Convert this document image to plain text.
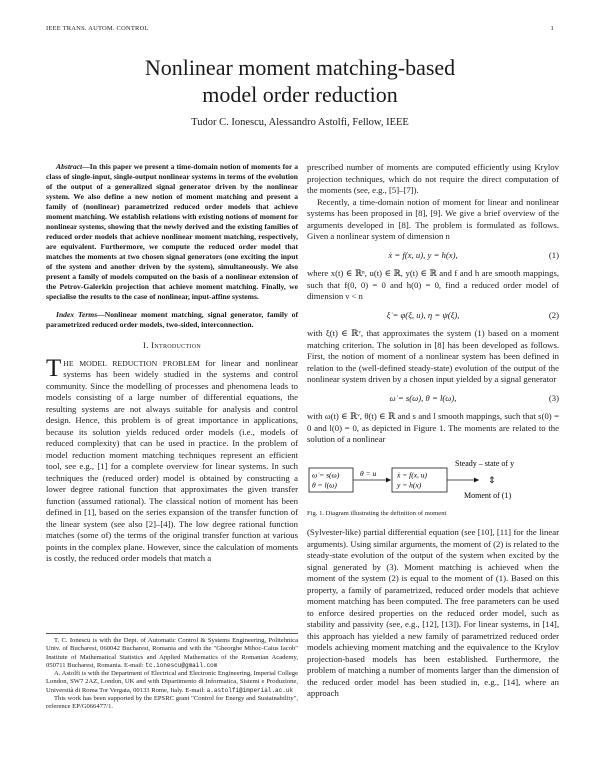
IEEE TRANS. AUTOM. CONTROL	1
Nonlinear moment matching-based
model order reduction
Tudor C. Ionescu, Alessandro Astolfi, Fellow, IEEE

Abstract—In this paper we present a time-domain notion of moments for a class of single-input, single-output nonlinear systems in terms of the evolution of the output of a generalized signal generator driven by the nonlinear system. We also define a new notion of moment matching and present a family of (nonlinear) parametrized reduced order models that achieve moment matching. We establish relations with existing notions of moment for nonlinear systems, showing that the newly derived and the existing families of reduced order models that achieve nonlinear moment matching, respectively, are equivalent. Furthermore, we compute the reduced order model that matches the moments at two chosen signal generators (one exciting the input of the system and another driven by the system), simultaneously. We also present a family of models computed on the basis of a nonlinear extension of the Petrov-Galerkin projection that achieve moment matching. Finally, we specialise the results to the case of nonlinear, input-affine systems.

Index Terms—Nonlinear moment matching, signal generator, family of parametrized reduced order models, two-sided, interconnection.

I. Introduction

THE MODEL REDUCTION PROBLEM for linear and nonlinear systems has been widely studied in the systems and control community. Since the modelling of processes and phenomena leads to models consisting of a large number of differential equations, the resulting systems are not always suitable for analysis and control design. Hence, this problem is of great importance in applications, because its solution yields reduced order models (i.e., models of reduced complexity) that can be used in practice. In the problem of model reduction moment matching techniques represent an efficient tool, see e.g., [1] for a complete overview for linear systems. In such techniques the (reduced order) model is obtained by constructing a lower degree rational function that approximates the given transfer function (assumed rational). The classical notion of moment has been defined in [1], based on the series expansion of the transfer function of the linear system (see also [2]–[4]). The low degree rational function matches (some of) the terms of the original transfer function at various points in the complex plane. However, since the calculation of moments is costly, the reduced order models that match a

T. C. Ionescu is with the Dept. of Automatic Control & Systems Engineering, Politehnica Univ. of Bucharest, 060042 Bucharest, Romania and with the "Gheorghe Mihoc-Caius Iacob" Institute of Mathematical Statistics and Applied Mathematics of the Romanian Academy, 050711 Bucharest, Romania. E-mail: tc.ionescu@gmail.com

A. Astolfi is with the Department of Electrical and Electronic Engineering, Imperial College London, SW7 2AZ, London, UK and with Dipartimento di Informatica, Sistemi e Produzione, Università di Roma Tor Vergata, 00133 Rome, Italy. E-mail: a.astolfi@imperial.ac.uk

This work has been supported by the EPSRC grant "Control for Energy and Sustainability", reference EP/G066477/1.

prescribed number of moments are computed efficiently using Krylov projection techniques, which do not require the direct computation of the moments (see, e.g., [5]–[7]).

Recently, a time-domain notion of moment for linear and nonlinear systems has been proposed in [8], [9]. We give a brief overview of the arguments developed in [8]. The problem is formulated as follows. Given a nonlinear system of dimension n

ẋ = f(x, u), y = h(x),	(1)

where x(t) ∈ ℝⁿ, u(t) ∈ ℝ, y(t) ∈ ℝ and f and h are smooth mappings, such that f(0, 0) = 0 and h(0) = 0, find a reduced order model of dimension ν < n

ξ̇ = φ(ξ, u), η = ψ(ξ),	(2)

with ξ(t) ∈ ℝᵛ, that approximates the system (1) based on a moment matching criterion. The solution in [8] has been developed as follows. First, the notion of moment of a nonlinear system has been defined in relation to the (well-defined steady-state) evolution of the output of the nonlinear system driven by a chosen input yielded by a signal generator

ω̇ = s(ω), θ = l(ω),	(3)

with ω(t) ∈ ℝᵛ, θ(t) ∈ ℝ and s and l smooth mappings, such that s(0) = 0 and l(0) = 0, as depicted in Figure 1. The moments are related to the solution of a nonlinear

ω̇ = s(ω)
θ = l(ω)
θ = u	ẋ = f(x, u)
y = h(x)
Steady – state of y
⇕
Moment of (1)

Fig. 1. Diagram illustrating the definition of moment

(Sylvester-like) partial differential equation (see [10], [11] for the linear arguments). Using similar arguments, the moment of (2) is related to the steady-state evolution of the output of the system when excited by the signal generated by (3). Moment matching is achieved when the moment of the system (2) is equal to the moment of (1). Based on this property, a family of parametrized, reduced order models that achieve moment matching has been computed. The free parameters can be used to enforce desired properties on the reduced order model, such as stability and passivity (see, e.g., [12], [13]). For linear systems, in [14], this approach has yielded a new family of parametrized reduced order models achieving moment matching and the equivalence to the Krylov projection-based models has been established. Furthermore, the problem of matching a number of moments larger than the dimension of the reduced order model has been studied in, e.g., [14], where an approach
